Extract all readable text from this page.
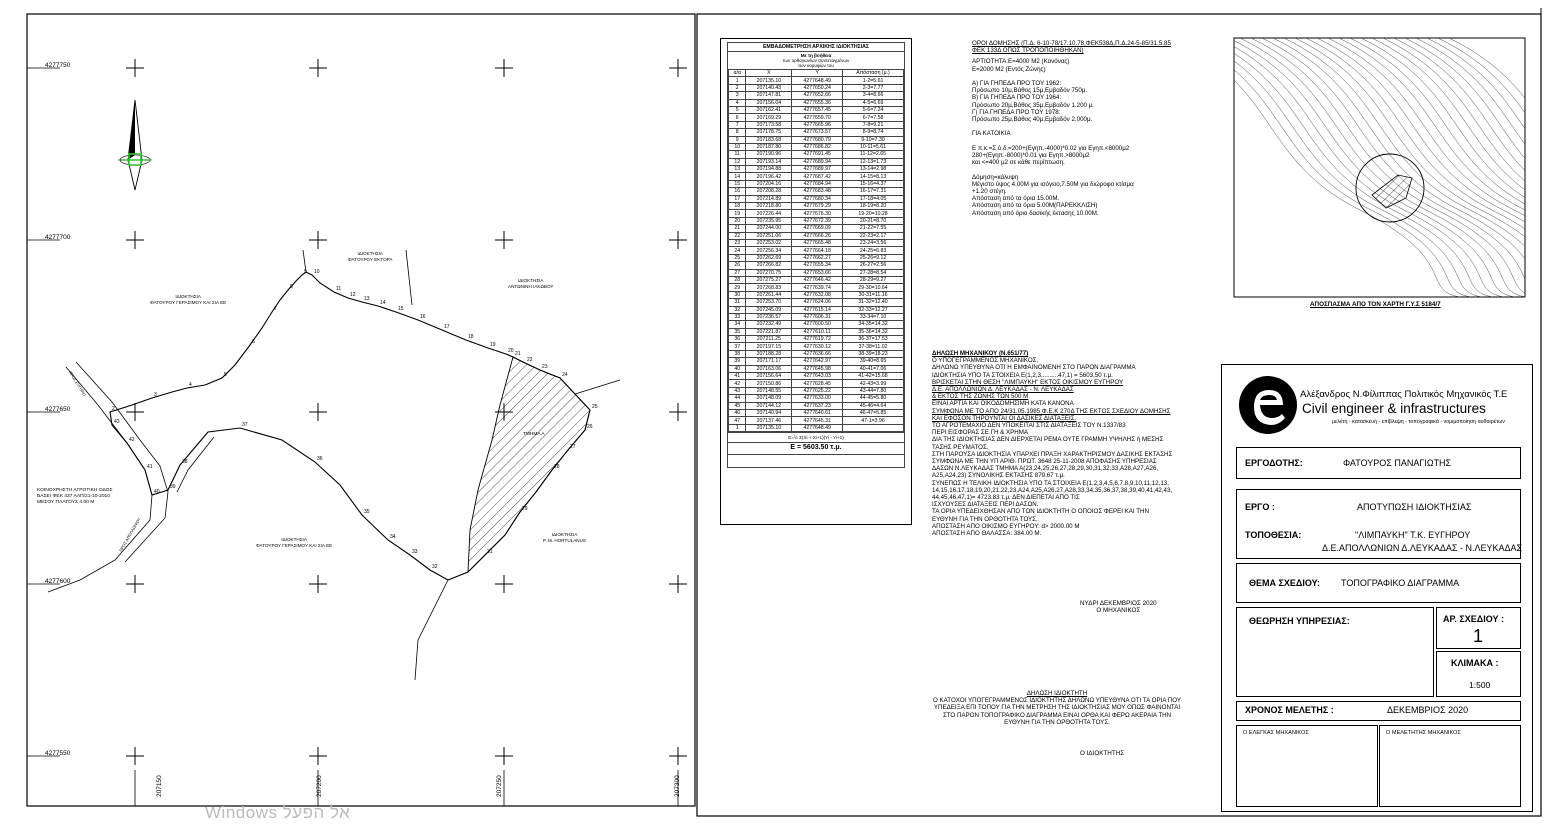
2
3
4
5
6
7
8
9 10
11
12
13
14
15
16
17
18
19
20 21
22
23
24
25
26
27
28
29
31
32
33
34
35
36
37
38
39
40
41
42
43
4277750
4277700
4277650
4277600
4277550
207150	207200	207250	207300
ΙΔΙΟΚΤΗΣΙΑ
ΦΑΤΟΥΡΟΥ ΓΕΡΑΣΙΜΟΥ ΚΑΙ ΣΙΑ ΕΕ
ΙΔΙΟΚΤΗΣΙΑ
ΦΑΤΟΥΡΟΥ ΕΚΤΟΡΑ
ΙΔΙΟΚΤΗΣΙΑ
ΑΝΤΩΝΙΝΗ ΙΑΚΩΒΟΥ
ΙΔΙΟΚΤΗΣΙΑ
ΦΑΤΟΥΡΟΥ ΓΕΡΑΣΙΜΟΥ ΚΑΙ ΣΙΑ ΕΕ
ΙΔΙΟΚΤΗΣΙΑ
Ρ. Μ. HORTULANUS
ΚΟΙΝΟΧΡΗΣΤΗ ΑΓΡΟΤΙΚΗ ΟΔΟΣ
ΒΑΣΕΙ ΦΕΚ 437 ΑΑΠ/21-10-2010
ΜΕΣΟΥ ΠΛΑΤΟΥΣ 4.00 Μ
ΤΜΗΜΑ Α
ΠΡΟΣ ΕΥΓΗΡΟ
ΠΡΟΣ ΑΠΟΛΛΩΝΙΟΥ
ΕΜΒΑΔΟΜΕΤΡΗΣΗ ΑΡΧΙΚΗΣ ΙΔΙΟΚΤΗΣΙΑΣ
Με τη βοήθεια
των ορθογωνίων συντεταγμένων
των κορυφών του
α/α	X	Y	Απόσταση (μ.)
1	207135.10	4277648.49	1-2=5.61
2	207140.43	4277650.24	2-3=7.77
3	207147.81	4277652.66	3-4=8.66
4	207156.04	4277655.36	4-5=6.69
5	207162.41	4277657.45	5-6=7.24
6	207169.29	4277659.70	6-7=7.58
7	207173.58	4277665.96	7-8=9.21
8	207178.75	4277673.57	8-9=8.74
9	207183.68	4277680.79	9-10=7.30
10	207187.80	4277686.82	10-11=5.61
11	207190.96	4277691.45	11-12=2.65
12	207193.14	4277689.94	12-13=1.73
13	207194.88	4277689.97	13-14=2.98
14	207196.42	4277687.42	14-15=8.13
15	207204.16	4277684.94	15-16=4.37
16	207208.28	4277683.48	16-17=7.31
17	207214.89	4277680.34	17-18=4.05
18	207218.80	4277679.29	18-19=8.20
19	207226.44	4277676.30	19-20=10.28
20	207235.95	4277672.39	20-21=8.70
21	207244.00	4277669.09	21-22=7.55
22	207251.06	4277666.26	22-23=2.17
23	207253.02	4277665.48	23-24=3.56
24	207256.34	4277664.18	24-25=6.83
25	207262.69	4277662.27	25-26=9.12
26	207266.82	4277655.34	26-27=2.56
27	207270.75	4277653.66	27-28=8.54
28	207275.27	4277646.42	28-29=9.27
29	207268.83	4277639.74	29-30=10.64
30	207261.44	4277632.08	30-31=11.16
31	207253.70	4277624.06	31-32=12.40
32	207245.09	4277615.14	32-33=12.27
33	207236.57	4277606.31	33-34=7.10
34	207232.49	4277600.50	34-35=14.32
35	207221.87	4277610.11	35-36=14.32
36	207211.25	4277619.72	36-37=17.53
37	207197.15	4277630.12	37-38=11.02
38	207188.28	4277636.66	38-39=18.23
39	207171.17	4277642.97	39-40=8.65
40	207163.06	4277645.98	40-41=7.06
41	207156.64	4277643.03	41-42=15.68
42	207150.86	4277628.45	42-43=3.99
43	207148.55	4277625.22	43-44=7.80
44	207148.09	4277633.00	44-45=5.80
45	207144.12	4277637.23	45-46=4.64
46	207140.94	4277640.61	46-47=5.85
47	207137.46	4277645.31	47-1=3.96
1	207135.10	4277648.49	
E=½ Σ(Xi + Xi+1)(Yi - Yi+1)
E = 5603.50 τ.μ.
ΟΡΟΙ ΔΟΜΗΣΗΣ (Π.Δ. 6-10-78/17.10.78,ΦΕΚ538Δ,Π.Δ.24-5-85/31.5.85
ΦΕΚ 133Δ ΟΠΩΣ ΤΡΟΠΟΠΟΙΗΘΗΚΑΝ)
ΑΡΤΙΟΤΗΤΑ:Ε=4000 Μ2 (Κανόνας)
Ε=2000 Μ2 (Εντός Ζώνης)

Α) ΓΙΑ ΓΗΠΕΔΑ ΠΡΟ ΤΟΥ 1962:
Πρόσωπο 10μ,Βάθος 15μ,Εμβαδόν 750μ.
Β) ΓΙΑ ΓΗΠΕΔΑ ΠΡΟ ΤΟΥ 1964:
Πρόσωπο 20μ,Βάθος 35μ,Εμβαδόν 1.200 μ.
Γ) ΓΙΑ ΓΗΠΕΔΑ ΠΡΟ ΤΟΥ 1978:
Πρόσωπο 25μ,Βάθος 40μ,Εμβαδόν 2.000μ.

ΓΙΑ ΚΑΤΟΙΚΙΑ

Ε π.κ.=Σ.ό.δ.=200+(Εγηπ.-4000)*0.02 για Εγηπ.<8000μ2
280+(Εγηπ.-8000)*0.01 για Εγηπ.>8000μ2
και <=400 μ2 σε κάθε περίπτωση.

Δόμηση=κάλυψη
Μέγιστο ύψος 4.00Μ για ισόγειο,7.50Μ για διώροφο κτίσμα
+1.20 στέγη.
Απόσταση από τα όρια 15.00Μ.
Απόσταση από τα όρια 5.00Μ(ΠΑΡΕΚΚΛΙΣΗ)
Απόσταση από όριο δασικής έκτασης 10.00Μ.
ΔΗΛΩΣΗ ΜΗΧΑΝΙΚΟΥ (Ν.651/77)
Ο ΥΠΟΓΕΓΡΑΜΜΕΝΟΣ ΜΗΧΑΝΙΚΟΣ,
ΔΗΛΩΝΩ ΥΠΕΥΘΥΝΑ ΟΤΙ Η ΕΜΦΑΙΝΟΜΕΝΗ ΣΤΟ ΠΑΡΟΝ ΔΙΑΓΡΑΜΜΑ
ΙΔΙΟΚΤΗΣΙΑ ΥΠΟ ΤΑ ΣΤΟΙΧΕΙΑ Ε(1,2,3,.........47,1) = 5603.50 τ.μ.
ΒΡΙΣΚΕΤΑΙ ΣΤΗΝ ΘΕΣΗ "ΛΙΜΠΑΥΚΗ" ΕΚΤΟΣ ΟΙΚΙΣΜΟΥ ΕΥΓΗΡΟΥ
Δ.Ε. ΑΠΟΛΛΩΝΙΩΝ Δ. ΛΕΥΚΑΔΑΣ - Ν. ΛΕΥΚΑΔΑΣ
& ΕΚΤΟΣ ΤΗΣ ΖΩΝΗΣ ΤΩΝ 500 Μ
ΕΙΝΑΙ ΑΡΤΙΑ ΚΑΙ ΟΙΚΟΔΟΜΗΣΙΜΗ ΚΑΤΑ ΚΑΝΟΝΑ
ΣΥΜΦΩΝΑ ΜΕ ΤΟ ΑΠΟ 24/31.05.1985 Φ.Ε.Κ 270Δ ΤΗΣ ΕΚΤΟΣ ΣΧΕΔΙΟΥ ΔΟΜΗΣΗΣ
ΚΑΙ ΕΦΟΣΟΝ ΤΗΡΟΥΝΤΑΙ ΟΙ ΔΑΣΙΚΕΣ ΔΙΑΤΑΞΕΙΣ.
ΤΟ ΑΓΡΟΤΕΜΑΧΙΟ ΔΕΝ ΥΠΟΚΕΙΤΑΙ ΣΤΙΣ ΔΙΑΤΑΞΕΙΣ ΤΟΥ Ν.1337/83
ΠΕΡΙ ΕΙΣΦΟΡΑΣ ΣΕ ΓΗ & ΧΡΗΜΑ
ΔΙΑ ΤΗΣ ΙΔΙΟΚΤΗΣΙΑΣ ΔΕΝ ΔΙΕΡΧΕΤΑΙ ΡΕΜΑ ΟΥΤΕ ΓΡΑΜΜΗ ΥΨΗΛΗΣ ή ΜΕΣΗΣ
ΤΑΣΗΣ ΡΕΥΜΑΤΟΣ.
ΣΤΗ ΠΑΡΟΥΣΑ ΙΔΙΟΚΤΗΣΙΑ ΥΠΑΡΧΕΙ ΠΡΑΞΗ ΧΑΡΑΚΤΗΡΙΣΜΟΥ ΔΑΣΙΚΗΣ ΕΚΤΑΣΗΣ
ΣΥΜΦΩΝΑ ΜΕ ΤΗΝ ΥΠ ΑΡΙΘ. ΠΡΩΤ. 3648 25-11-2008 ΑΠΟΦΑΣΗΣ ΥΠΗΡΕΣΙΑΣ
ΔΑΣΩΝ Ν.ΛΕΥΚΑΔΑΣ ΤΜΗΜΑ Α(23,24,25,26,27,28,29,30,31,32,33,A28,A27,A26,
A25,A24,23) ΣΥΝΟΛΙΚΗΣ ΕΚΤΑΣΗΣ 879.67 τ.μ.
ΣΥΝΕΠΩΣ Η ΤΕΛΙΚΗ ΙΔΙΟΚΤΗΣΙΑ ΥΠΟ ΤΑ ΣΤΟΙΧΕΙΑ Ε(1,2,3,4,5,6,7,8,9,10,11,12,13,
14,15,16,17,18,19,20,21,22,23,A24,A25,A26,27,A28,33,34,35,36,37,38,39,40,41,42,43,
44,45,46,47,1)= 4723.83 τ.μ. ΔΕΝ ΔΙΕΠΕΤΑΙ ΑΠΟ ΤΙΣ
ΙΣΧΥΟΥΣΕΣ ΔΙΑΤΑΞΕΙΣ ΠΕΡΙ ΔΑΣΩΝ.
ΤΑ ΟΡΙΑ ΥΠΕΔΕΙΧΘΗΣΑΝ ΑΠΟ ΤΟΝ ΙΔΙΟΚΤΗΤΗ Ο ΟΠΟΙΟΣ ΦΕΡΕΙ ΚΑΙ ΤΗΝ
ΕΥΘΥΝΗ ΓΙΑ ΤΗΝ ΟΡΘΟΤΗΤΑ ΤΟΥΣ.
ΑΠΟΣΤΑΣΗ ΑΠΟ ΟΙΚΙΣΜΟ ΕΥΓΗΡΟΥ: d> 2000.00 Μ
ΑΠΟΣΤΑΣΗ ΑΠΟ ΘΑΛΑΣΣΑ: 384.00 Μ.
ΝΥΔΡΙ ΔΕΚΕΜΒΡΙΟΣ 2020
Ο ΜΗΧΑΝΙΚΟΣ
ΔΗΛΩΣΗ ΙΔΙΟΚΤΗΤΗ
Ο ΚΑΤΟΧΟΙ ΥΠΟΓΕΓΡΑΜΜΕΝΟΣ ΙΔΙΟΚΤΗΤΗΣ ΔΗΛΩΝΩ ΥΠΕΥΘΥΝΑ ΟΤΙ ΤΑ ΟΡΙΑ ΠΟΥ
ΥΠΕΔΕΙΞΑ ΕΠΙ ΤΟΠΟΥ ΓΙΑ ΤΗΝ ΜΕΤΡΗΣΗ ΤΗΣ ΙΔΙΟΚΤΗΣΙΑΣ ΜΟΥ ΟΠΩΣ ΦΑΙΝΟΝΤΑΙ
ΣΤΟ ΠΑΡΟΝ ΤΟΠΟΓΡΑΦΙΚΟ ΔΙΑΓΡΑΜΜΑ ΕΙΝΑΙ ΟΡΘΑ ΚΑΙ ΦΕΡΩ ΑΚΕΡΑΙΑ ΤΗΝ
ΕΥΘΥΝΗ ΓΙΑ ΤΗΝ ΟΡΘΟΤΗΤΑ ΤΟΥΣ.
Ο ΙΔΙΟΚΤΗΤΗΣ
ΑΠΟΣΠΑΣΜΑ ΑΠΟ ΤΟΝ ΧΑΡΤΗ Γ.Υ.Σ 5184/7
Αλέξανδρος Ν.Φίλιππας Πολιτικός Μηχανικός Τ.Ε
Civil engineer & infrastructures
μελέτη - κατασκευή - επίβλεψη - τοπογραφικά - νομιμοποίηση αυθαιρέτων
ΕΡΓΟΔΟΤΗΣ:	ΦΑΤΟΥΡΟΣ ΠΑΝΑΓΙΩΤΗΣ
ΕΡΓΟ :	ΑΠΟΤΥΠΩΣΗ ΙΔΙΟΚΤΗΣΙΑΣ
ΤΟΠΟΘΕΣΙΑ:	"ΛΙΜΠΑΥΚΗ" Τ.Κ. ΕΥΓΗΡΟΥ
Δ.Ε.ΑΠΟΛΛΩΝΙΩΝ Δ.ΛΕΥΚΑΔΑΣ - Ν.ΛΕΥΚΑΔΑΣ
ΘΕΜΑ ΣΧΕΔΙΟΥ: ΤΟΠΟΓΡΑΦΙΚΟ ΔΙΑΓΡΑΜΜΑ
ΘΕΩΡΗΣΗ ΥΠΗΡΕΣΙΑΣ:	ΑΡ. ΣΧΕΔΙΟΥ :
1
ΚΛΙΜΑΚΑ :
1:500
ΧΡΟΝΟΣ ΜΕΛΕΤΗΣ :	ΔΕΚΕΜΒΡΙΟΣ 2020
Ο ΕΛΕΓΚΑΣ ΜΗΧΑΝΙΚΟΣ	Ο ΜΕΛΕΤΗΤΗΣ ΜΗΧΑΝΙΚΟΣ
Windows אל הפעל
